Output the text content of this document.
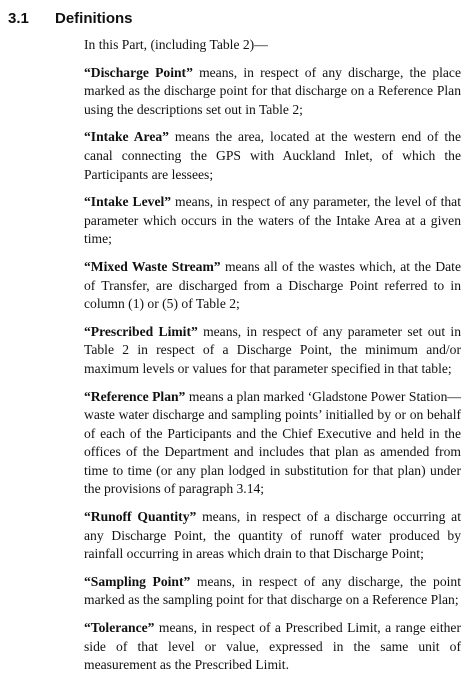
3.1 Definitions

In this Part, (including Table 2)—

“Discharge Point” means, in respect of any discharge, the place marked as the discharge point for that discharge on a Reference Plan using the descriptions set out in Table 2;

“Intake Area” means the area, located at the western end of the canal connecting the GPS with Auckland Inlet, of which the Participants are lessees;

“Intake Level” means, in respect of any parameter, the level of that parameter which occurs in the waters of the Intake Area at a given time;

“Mixed Waste Stream” means all of the wastes which, at the Date of Transfer, are discharged from a Discharge Point referred to in column (1) or (5) of Table 2;

“Prescribed Limit” means, in respect of any parameter set out in Table 2 in respect of a Discharge Point, the minimum and/or maximum levels or values for that parameter specified in that table;

“Reference Plan” means a plan marked ‘Gladstone Power Station—waste water discharge and sampling points’ initialled by or on behalf of each of the Participants and the Chief Executive and held in the offices of the Department and includes that plan as amended from time to time (or any plan lodged in substitution for that plan) under the provisions of paragraph 3.14;

“Runoff Quantity” means, in respect of a discharge occurring at any Discharge Point, the quantity of runoff water produced by rainfall occurring in areas which drain to that Discharge Point;

“Sampling Point” means, in respect of any discharge, the point marked as the sampling point for that discharge on a Reference Plan;

“Tolerance” means, in respect of a Prescribed Limit, a range either side of that level or value, expressed in the same unit of measurement as the Prescribed Limit.
